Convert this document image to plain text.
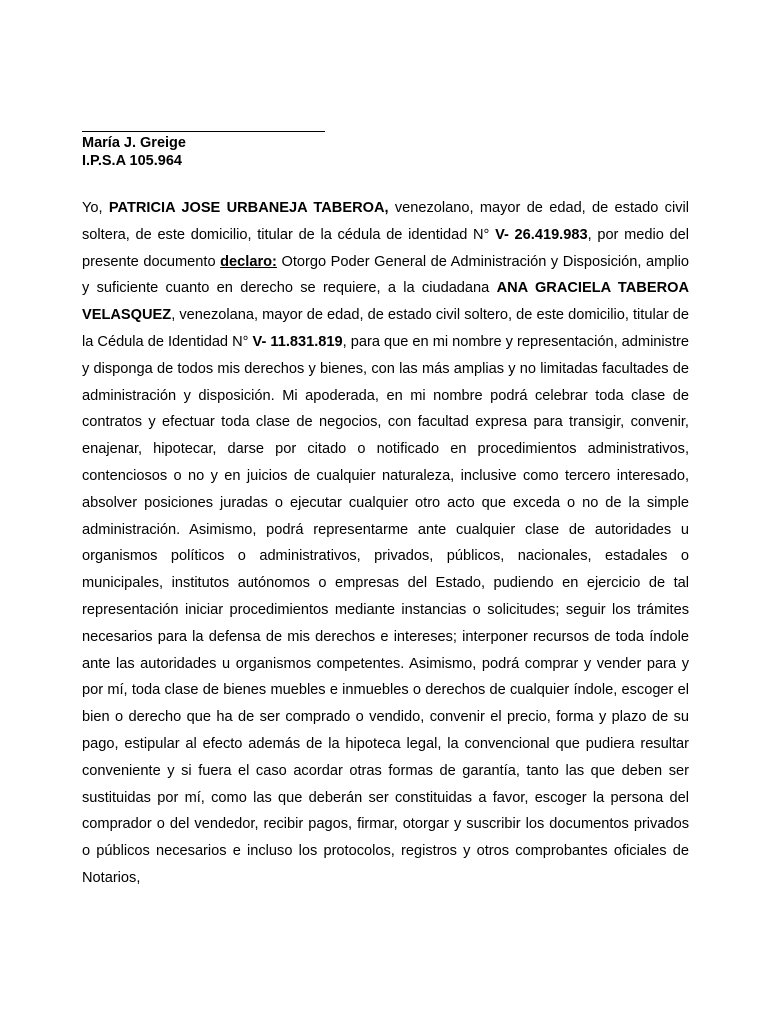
María J. Greige
I.P.S.A 105.964

Yo, PATRICIA JOSE URBANEJA TABEROA, venezolano, mayor de edad, de estado civil soltera, de este domicilio, titular de la cédula de identidad N° V- 26.419.983, por medio del presente documento declaro: Otorgo Poder General de Administración y Disposición, amplio y suficiente cuanto en derecho se requiere, a la ciudadana ANA GRACIELA TABEROA VELASQUEZ, venezolana, mayor de edad, de estado civil soltero, de este domicilio, titular de la Cédula de Identidad N° V- 11.831.819, para que en mi nombre y representación, administre y disponga de todos mis derechos y bienes, con las más amplias y no limitadas facultades de administración y disposición. Mi apoderada, en mi nombre podrá celebrar toda clase de contratos y efectuar toda clase de negocios, con facultad expresa para transigir, convenir, enajenar, hipotecar, darse por citado o notificado en procedimientos administrativos, contenciosos o no y en juicios de cualquier naturaleza, inclusive como tercero interesado, absolver posiciones juradas o ejecutar cualquier otro acto que exceda o no de la simple administración. Asimismo, podrá representarme ante cualquier clase de autoridades u organismos políticos o administrativos, privados, públicos, nacionales, estadales o municipales, institutos autónomos o empresas del Estado, pudiendo en ejercicio de tal representación iniciar procedimientos mediante instancias o solicitudes; seguir los trámites necesarios para la defensa de mis derechos e intereses; interponer recursos de toda índole ante las autoridades u organismos competentes. Asimismo, podrá comprar y vender para y por mí, toda clase de bienes muebles e inmuebles o derechos de cualquier índole, escoger el bien o derecho que ha de ser comprado o vendido, convenir el precio, forma y plazo de su pago, estipular al efecto además de la hipoteca legal, la convencional que pudiera resultar conveniente y si fuera el caso acordar otras formas de garantía, tanto las que deben ser sustituidas por mí, como las que deberán ser constituidas a favor, escoger la persona del comprador o del vendedor, recibir pagos, firmar, otorgar y suscribir los documentos privados o públicos necesarios e incluso los protocolos, registros y otros comprobantes oficiales de Notarios,
